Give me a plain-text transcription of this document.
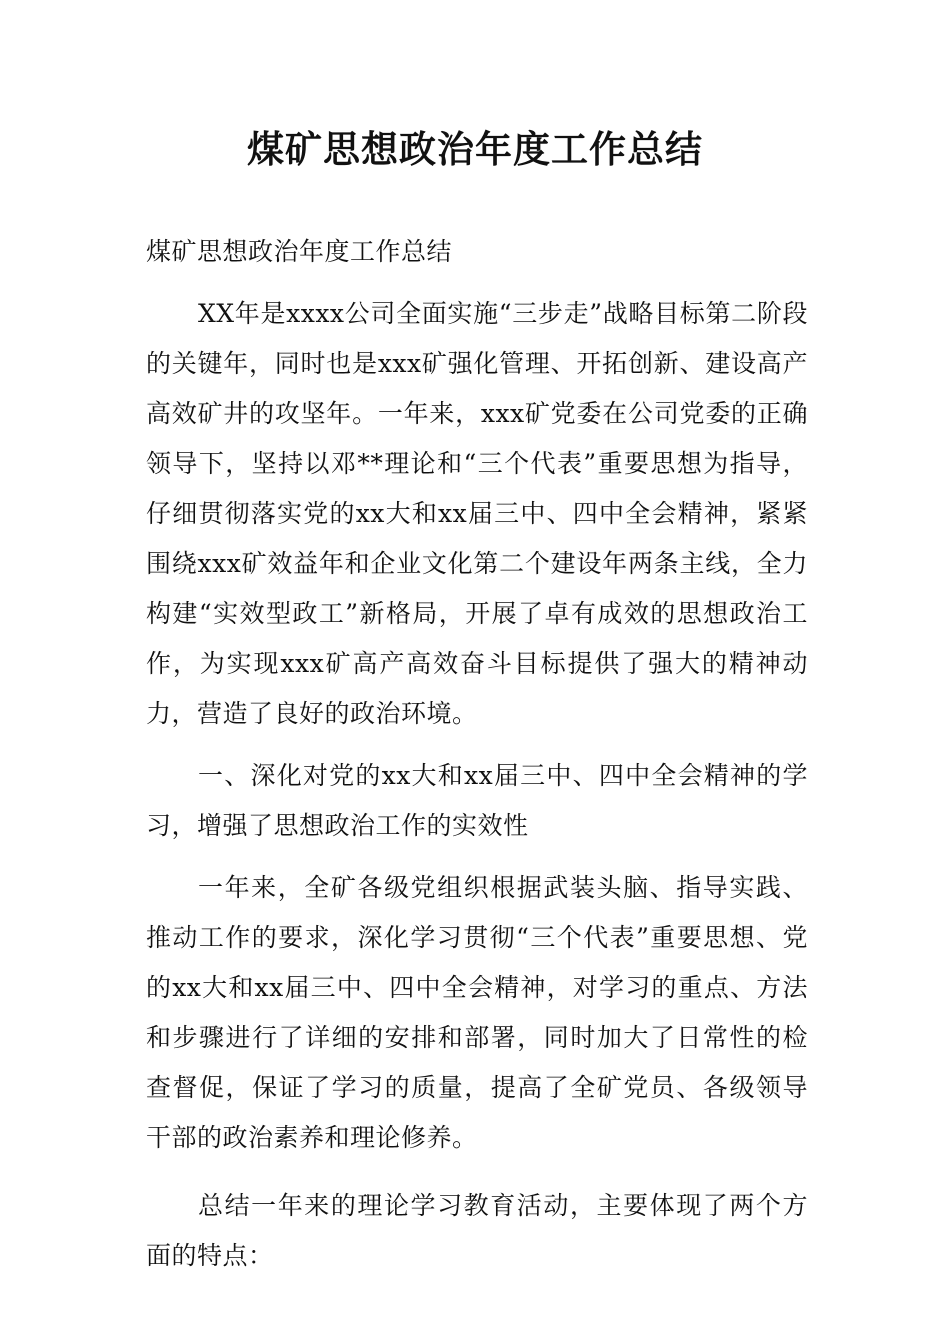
煤矿思想政治年度工作总结

煤矿思想政治年度工作总结

XX年是xxxx公司全面实施“三步走”战略目标第二阶段的关键年，同时也是xxx矿强化管理、开拓创新、建设高产高效矿井的攻坚年。一年来，xxx矿党委在公司党委的正确领导下，坚持以邓**理论和“三个代表”重要思想为指导，仔细贯彻落实党的xx大和xx届三中、四中全会精神，紧紧围绕xxx矿效益年和企业文化第二个建设年两条主线，全力构建“实效型政工”新格局，开展了卓有成效的思想政治工作，为实现xxx矿高产高效奋斗目标提供了强大的精神动力，营造了良好的政治环境。

一、深化对党的xx大和xx届三中、四中全会精神的学习，增强了思想政治工作的实效性

一年来，全矿各级党组织根据武装头脑、指导实践、推动工作的要求，深化学习贯彻“三个代表”重要思想、党的xx大和xx届三中、四中全会精神，对学习的重点、方法和步骤进行了详细的安排和部署，同时加大了日常性的检查督促，保证了学习的质量，提高了全矿党员、各级领导干部的政治素养和理论修养。

总结一年来的理论学习教育活动，主要体现了两个方面的特点：
